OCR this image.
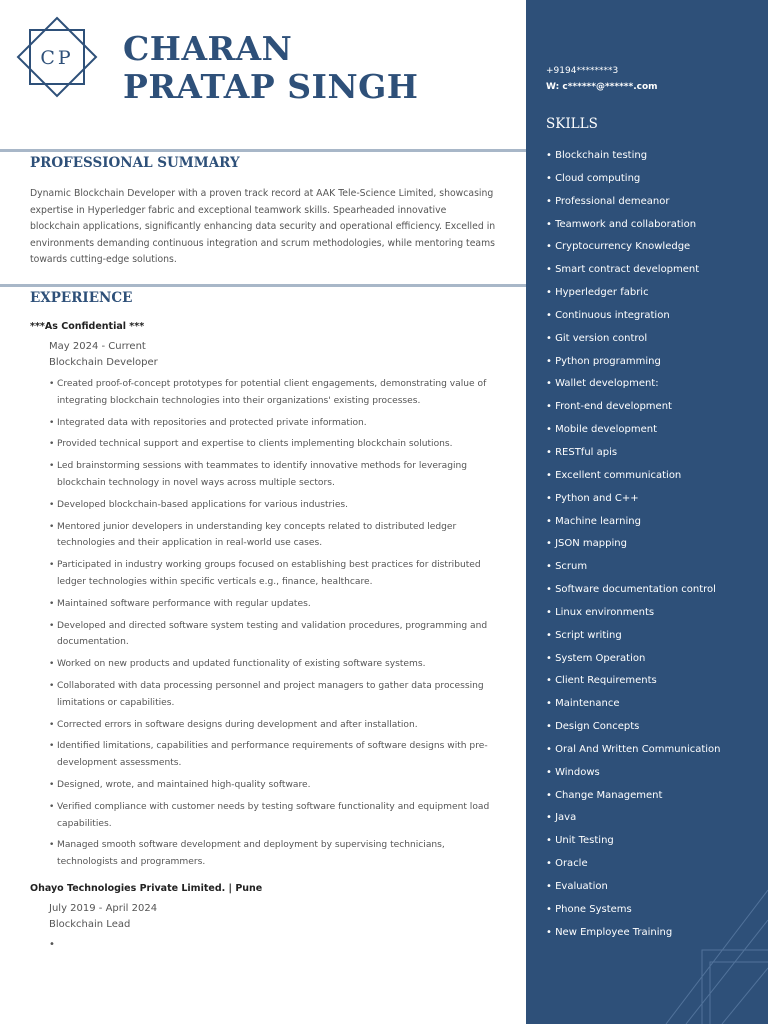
CP CHARAN
PRATAP SINGH	+9194********3
W: c******@******.com
SKILLS
• Blockchain testing
• Cloud computing
• Professional demeanor
• Teamwork and collaboration
• Cryptocurrency Knowledge
• Smart contract development
• Hyperledger fabric
• Continuous integration
• Git version control
• Python programming
• Wallet development:
• Front-end development
• Mobile development
• RESTful apis
• Excellent communication
• Python and C++
• Machine learning
• JSON mapping
• Scrum
• Software documentation control
• Linux environments
• Script writing
• System Operation
• Client Requirements
• Maintenance
• Design Concepts
• Oral And Written Communication
• Windows
• Change Management
• Java
• Unit Testing
• Oracle
• Evaluation
• Phone Systems
• New Employee Training
PROFESSIONAL SUMMARY

Dynamic Blockchain Developer with a proven track record at AAK Tele-Science Limited, showcasing expertise in Hyperledger fabric and exceptional teamwork skills. Spearheaded innovative blockchain applications, significantly enhancing data security and operational efficiency. Excelled in environments demanding continuous integration and scrum methodologies, while mentoring teams towards cutting-edge solutions.

EXPERIENCE

***As Confidential ***

May 2024 - Current

Blockchain Developer

• Created proof-of-concept prototypes for potential client engagements, demonstrating value of integrating blockchain technologies into their organizations' existing processes.
• Integrated data with repositories and protected private information.
• Provided technical support and expertise to clients implementing blockchain solutions.
• Led brainstorming sessions with teammates to identify innovative methods for leveraging blockchain technology in novel ways across multiple sectors.
• Developed blockchain-based applications for various industries.
• Mentored junior developers in understanding key concepts related to distributed ledger technologies and their application in real-world use cases.
• Participated in industry working groups focused on establishing best practices for distributed ledger technologies within specific verticals e.g., finance, healthcare.
• Maintained software performance with regular updates.
• Developed and directed software system testing and validation procedures, programming and documentation.
• Worked on new products and updated functionality of existing software systems.
• Collaborated with data processing personnel and project managers to gather data processing limitations or capabilities.
• Corrected errors in software designs during development and after installation.
• Identified limitations, capabilities and performance requirements of software designs with pre-development assessments.
• Designed, wrote, and maintained high-quality software.
• Verified compliance with customer needs by testing software functionality and equipment load capabilities.
• Managed smooth software development and deployment by supervising technicians, technologists and programmers.

Ohayo Technologies Private Limited. | Pune

July 2019 - April 2024

Blockchain Lead

•
